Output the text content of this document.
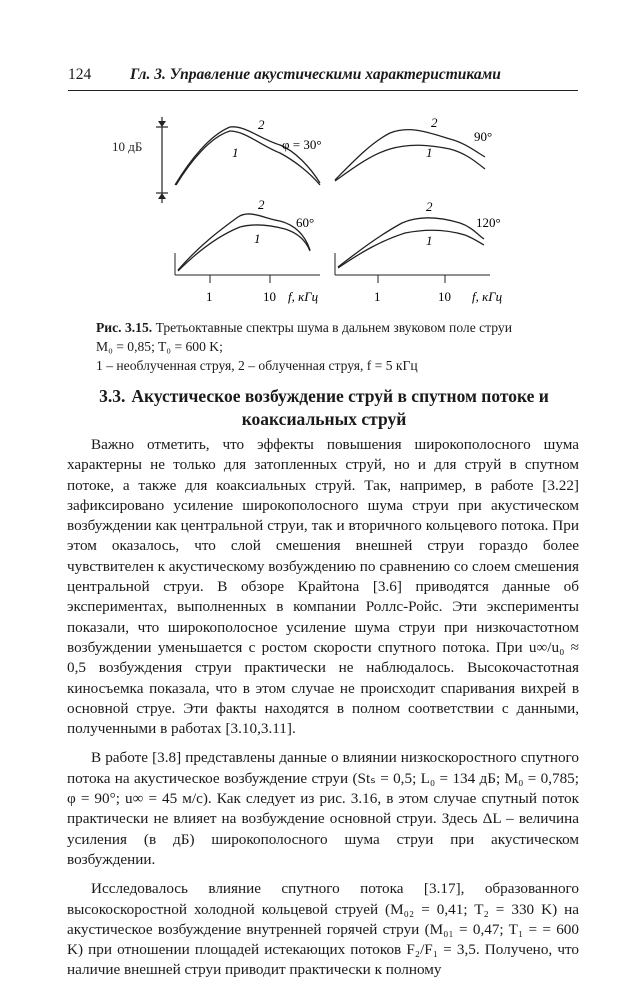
124	Гл. 3. Управление акустическими характеристиками
10 дБ
2
1
φ = 30°
2
1
90°
2
1
60°
1	10 f, кГц
2
1
120°
1	10 f, кГц
Рис. 3.15. Третьоктавные спектры шума в дальнем звуковом поле струи
M₀ = 0,85; T₀ = 600 K;
1 – необлученная струя, 2 – облученная струя, f = 5 кГц
3.3. Акустическое возбуждение струй в спутном потоке и коаксиальных струй

Важно отметить, что эффекты повышения широкополосного шума характерны не только для затопленных струй, но и для струй в спутном потоке, а также для коаксиальных струй. Так, например, в работе [3.22] зафиксировано усиление широкополосного шума струи при акустическом возбуждении как центральной струи, так и вторичного кольцевого потока. При этом оказалось, что слой смешения внешней струи гораздо более чувствителен к акустическому возбуждению по сравнению со слоем смешения центральной струи. В обзоре Крайтона [3.6] приводятся данные об экспериментах, выполненных в компании Роллс-Ройс. Эти эксперименты показали, что широкополосное усиление шума струи при низкочастотном возбуждении уменьшается с ростом скорости спутного потока. При u∞/u₀ ≈ 0,5 возбуждения струи практически не наблюдалось. Высокочастотная киносъемка показала, что в этом случае не происходит спаривания вихрей в основной струе. Эти факты находятся в полном соответствии с данными, полученными в работах [3.10,3.11].

В работе [3.8] представлены данные о влиянии низкоскоростного спутного потока на акустическое возбуждение струи (Stₛ = 0,5; L₀ = 134 дБ; M₀ = 0,785; φ = 90°; u∞ = 45 м/с). Как следует из рис. 3.16, в этом случае спутный поток практически не влияет на возбуждение основной струи. Здесь ΔL – величина усиления (в дБ) широкополосного шума струи при акустическом возбуждении.

Исследовалось влияние спутного потока [3.17], образованного высокоскоростной холодной кольцевой струей (M₀₂ = 0,41; T₂ = 330 K) на акустическое возбуждение внутренней горячей струи (M₀₁ = 0,47; T₁ = = 600 K) при отношении площадей истекающих потоков F₂/F₁ = 3,5. Получено, что наличие внешней струи приводит практически к полному
